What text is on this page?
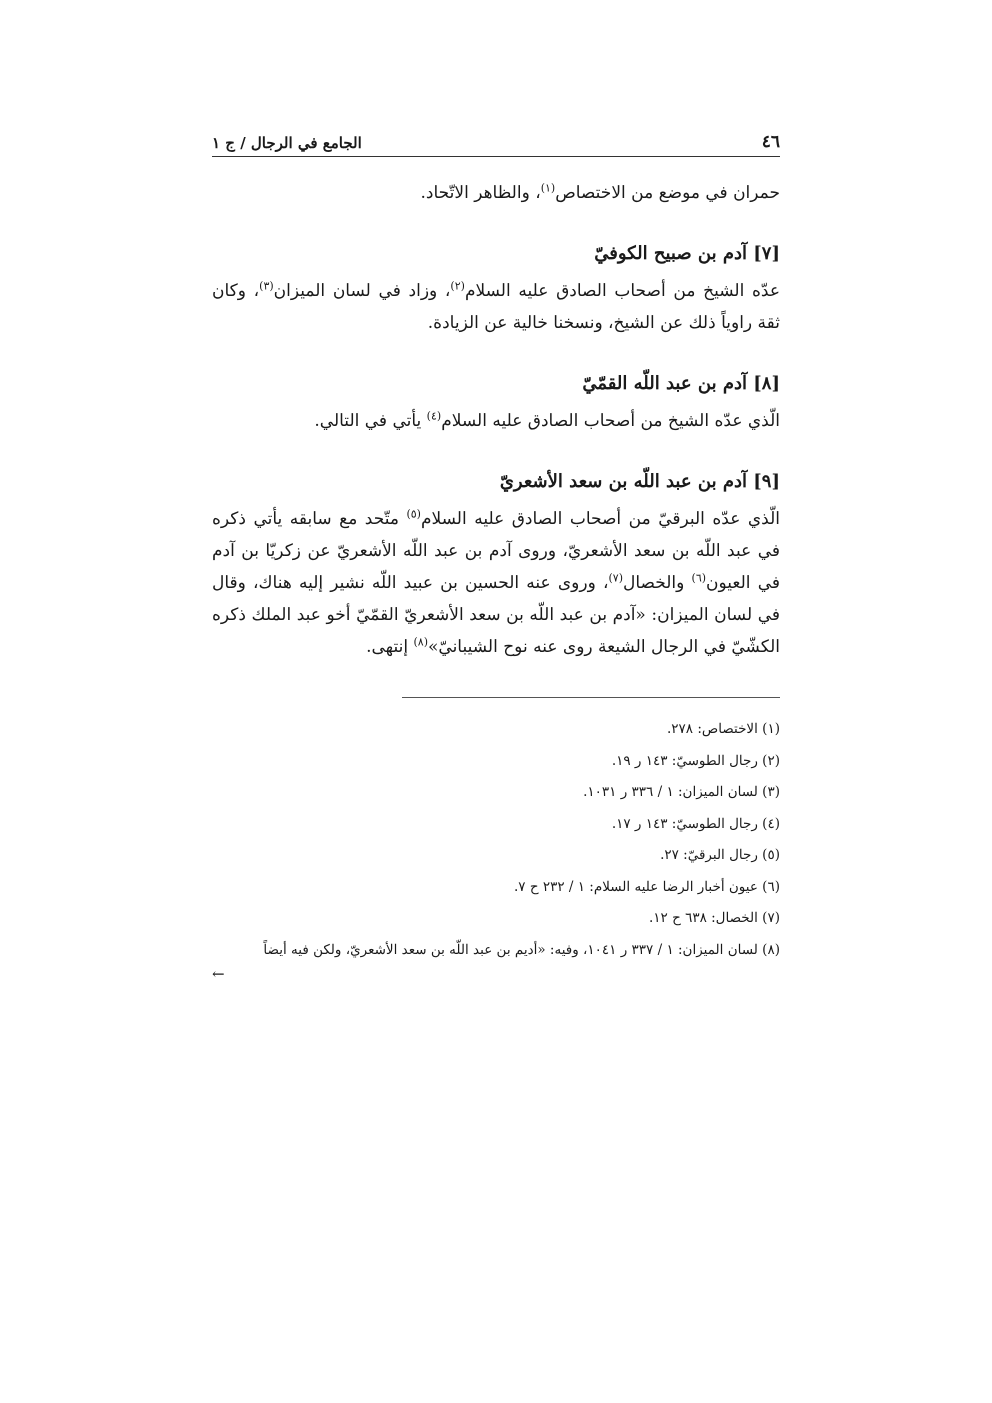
٤٦
الجامع في الرجال / ج ١

حمران في موضع من الاختصاص$^{(١)}$، والظاهر الاتّحاد.

[٧] آدم بن صبيح الكوفيّ

عدّه الشيخ من أصحاب الصادق عليه السلام$^{(٢)}$، وزاد في لسان الميزان$^{(٣)}$، وكان ثقة راوياً ذلك عن الشيخ، ونسخنا خالية عن الزيادة.

[٨] آدم بن عبد اللّه القمّيّ

الّذي عدّه الشيخ من أصحاب الصادق عليه السلام$^{(٤)}$ يأتي في التالي.

[٩] آدم بن عبد اللّه بن سعد الأشعريّ

الّذي عدّه البرقيّ من أصحاب الصادق عليه السلام$^{(٥)}$ متّحد مع سابقه يأتي ذكره في عبد اللّه بن سعد الأشعريّ، وروى آدم بن عبد اللّه الأشعريّ عن زكريّا بن آدم في العيون$^{(٦)}$ والخصال$^{(٧)}$، وروى عنه الحسين بن عبيد اللّه نشير إليه هناك، وقال في لسان الميزان: «آدم بن عبد اللّه بن سعد الأشعريّ القمّيّ أخو عبد الملك ذكره الكشّيّ في الرجال الشيعة روى عنه نوح الشيبانيّ»$^{(٨)}$ إنتهى.

(١) الاختصاص: ٢٧٨.

(٢) رجال الطوسيّ: ١٤٣ ر ١٩.

(٣) لسان الميزان: ١ / ٣٣٦ ر ١٠٣١.

(٤) رجال الطوسيّ: ١٤٣ ر ١٧.

(٥) رجال البرقيّ: ٢٧.

(٦) عيون أخبار الرضا عليه السلام: ١ / ٢٣٢ ح ٧.

(٧) الخصال: ٦٣٨ ح ١٢.

(٨) لسان الميزان: ١ / ٣٣٧ ر ١٠٤١، وفيه: «أديم بن عبد اللّه بن سعد الأشعريّ، ولكن فيه أيضاً

←
